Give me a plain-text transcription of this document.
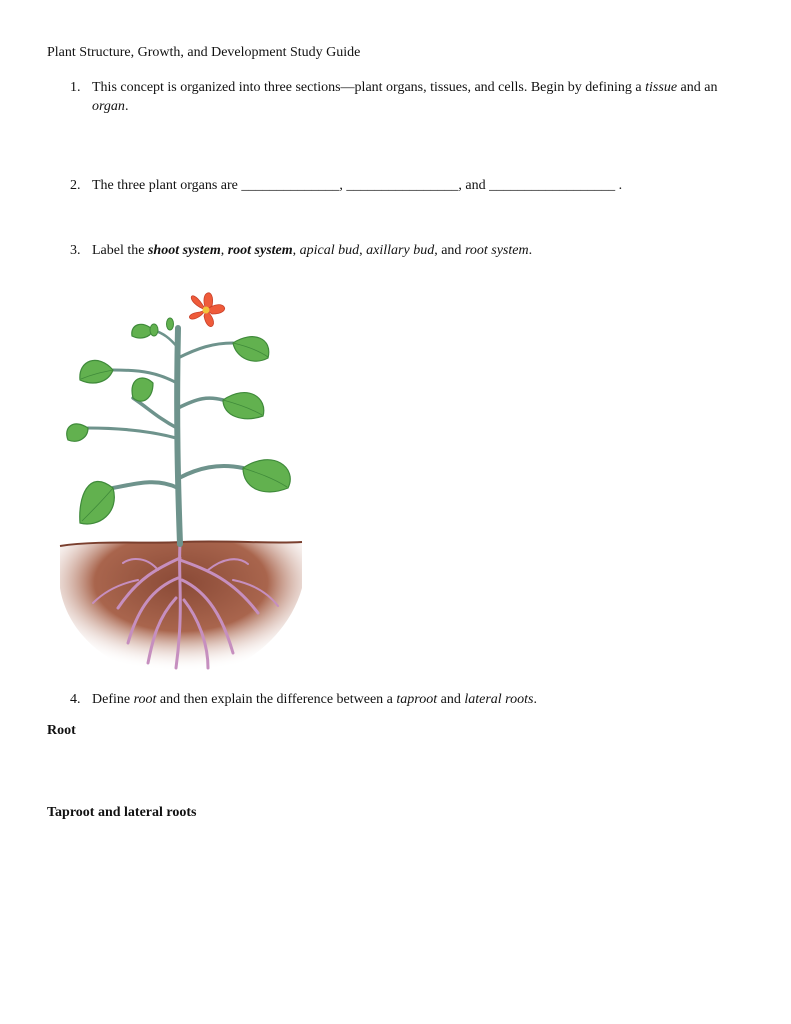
Plant Structure, Growth, and Development Study Guide
1. This concept is organized into three sections—plant organs, tissues, and cells. Begin by defining a tissue and an organ.
2. The three plant organs are ______________, ________________, and __________________ .
3. Label the shoot system, root system, apical bud, axillary bud, and root system.
4. Define root and then explain the difference between a taproot and lateral roots.
Root
Taproot and lateral roots
